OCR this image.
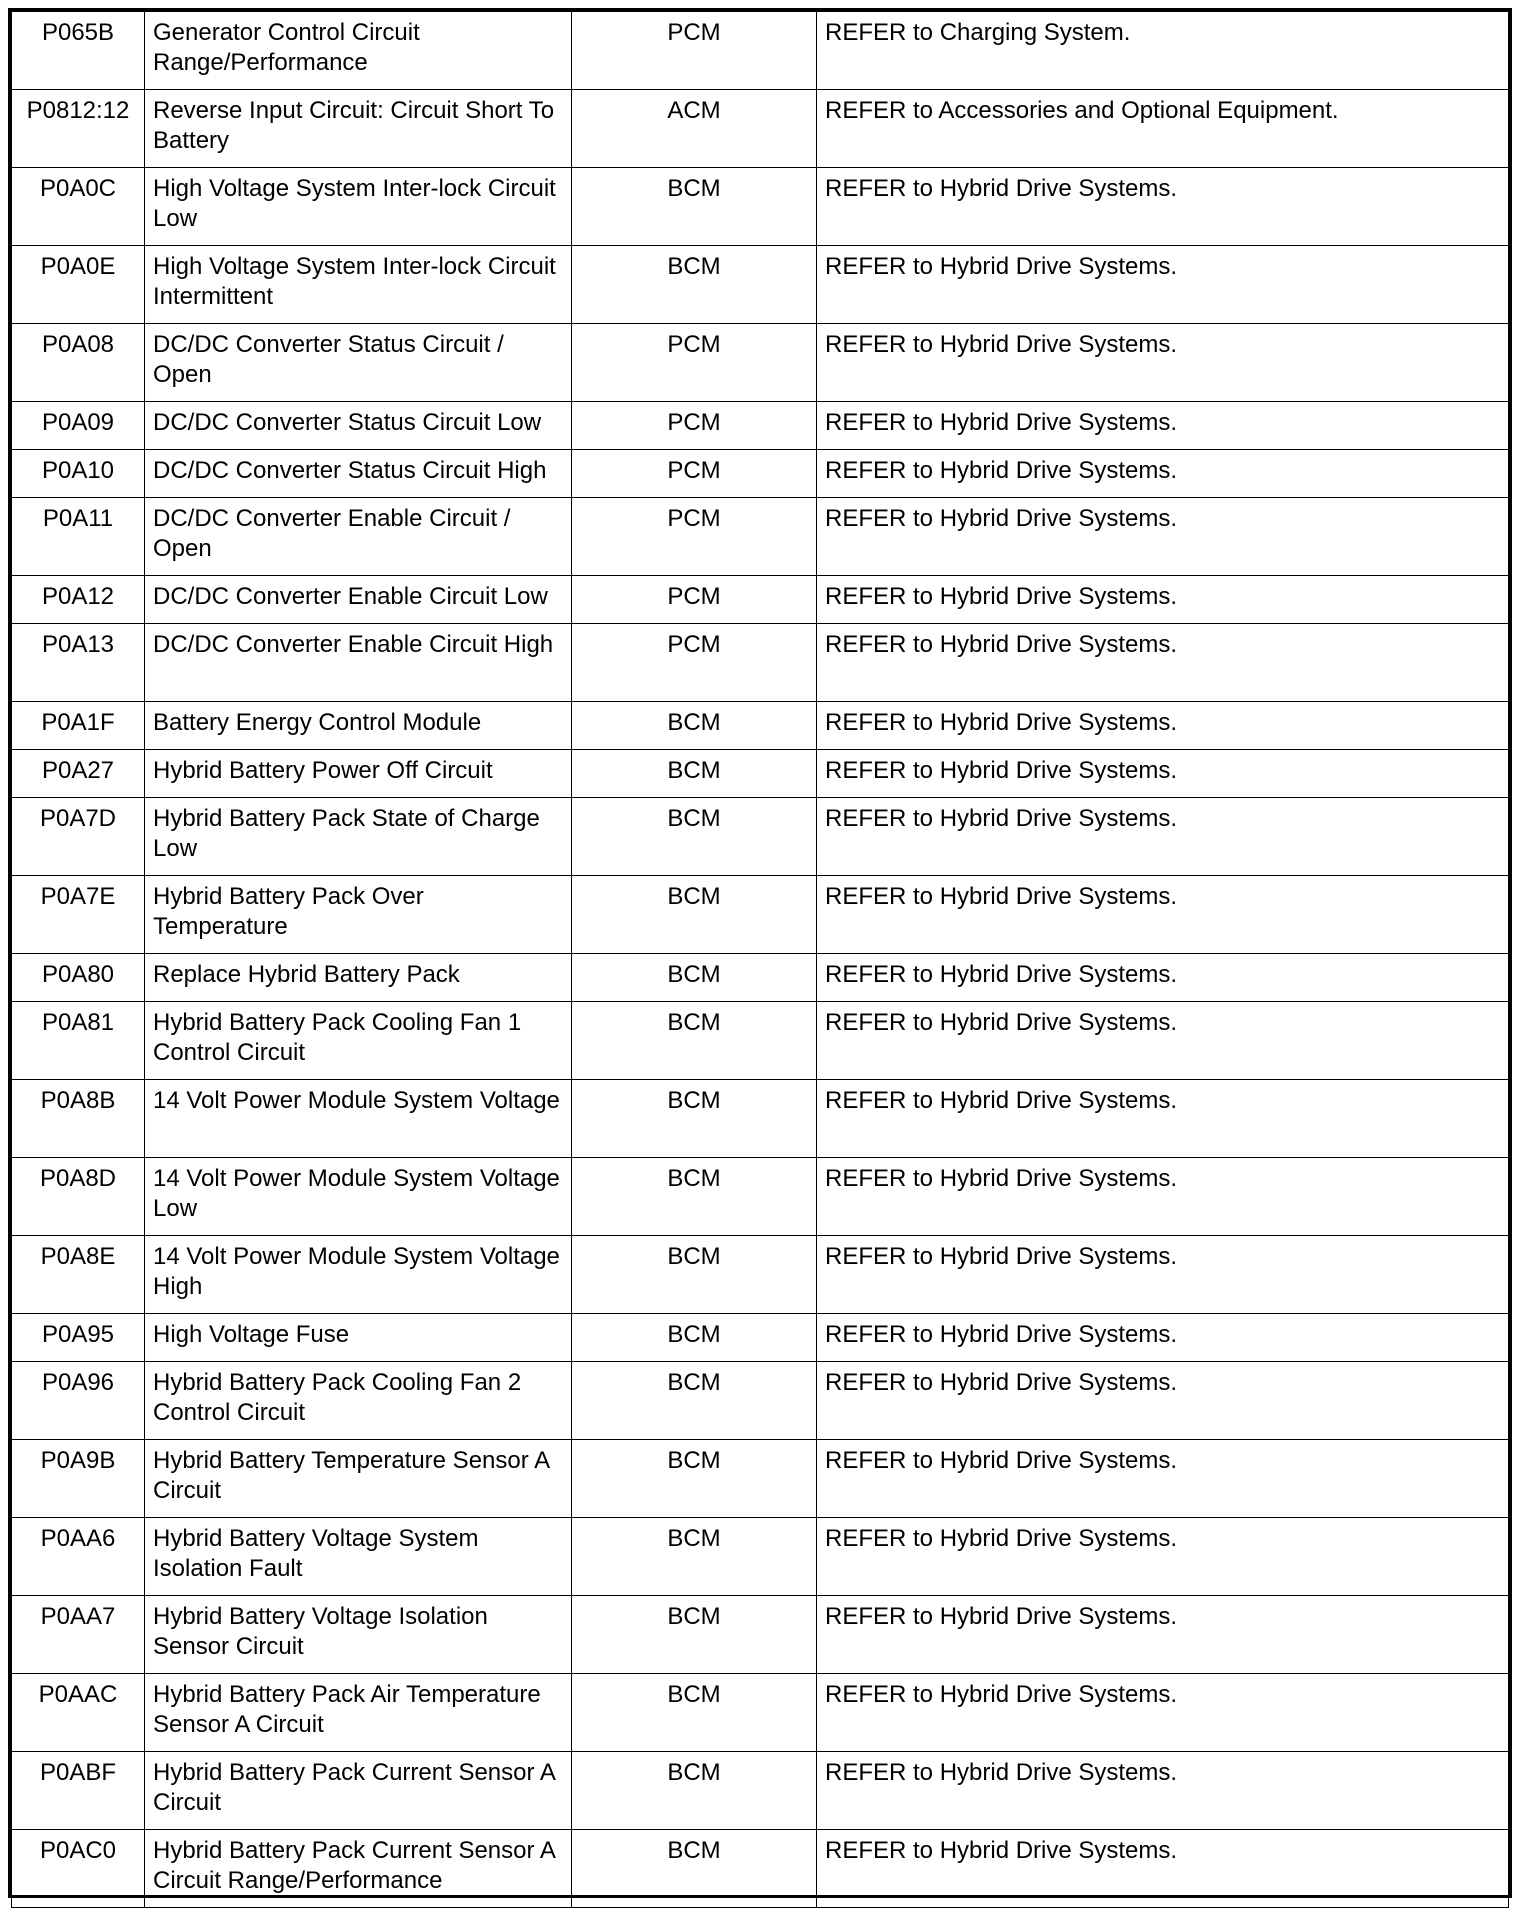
P065B	Generator Control Circuit Range/Performance	PCM	REFER to Charging System.
P0812:12	Reverse Input Circuit: Circuit Short To Battery	ACM	REFER to Accessories and Optional Equipment.
P0A0C	High Voltage System Inter-lock Circuit Low	BCM	REFER to Hybrid Drive Systems.
P0A0E	High Voltage System Inter-lock Circuit Intermittent	BCM	REFER to Hybrid Drive Systems.
P0A08	DC/DC Converter Status Circuit / Open	PCM	REFER to Hybrid Drive Systems.
P0A09	DC/DC Converter Status Circuit Low	PCM	REFER to Hybrid Drive Systems.
P0A10	DC/DC Converter Status Circuit High	PCM	REFER to Hybrid Drive Systems.
P0A11	DC/DC Converter Enable Circuit / Open	PCM	REFER to Hybrid Drive Systems.
P0A12	DC/DC Converter Enable Circuit Low	PCM	REFER to Hybrid Drive Systems.
P0A13	DC/DC Converter Enable Circuit High	PCM	REFER to Hybrid Drive Systems.
P0A1F	Battery Energy Control Module	BCM	REFER to Hybrid Drive Systems.
P0A27	Hybrid Battery Power Off Circuit	BCM	REFER to Hybrid Drive Systems.
P0A7D	Hybrid Battery Pack State of Charge Low	BCM	REFER to Hybrid Drive Systems.
P0A7E	Hybrid Battery Pack Over Temperature	BCM	REFER to Hybrid Drive Systems.
P0A80	Replace Hybrid Battery Pack	BCM	REFER to Hybrid Drive Systems.
P0A81	Hybrid Battery Pack Cooling Fan 1 Control Circuit	BCM	REFER to Hybrid Drive Systems.
P0A8B	14 Volt Power Module System Voltage	BCM	REFER to Hybrid Drive Systems.
P0A8D	14 Volt Power Module System Voltage Low	BCM	REFER to Hybrid Drive Systems.
P0A8E	14 Volt Power Module System Voltage High	BCM	REFER to Hybrid Drive Systems.
P0A95	High Voltage Fuse	BCM	REFER to Hybrid Drive Systems.
P0A96	Hybrid Battery Pack Cooling Fan 2 Control Circuit	BCM	REFER to Hybrid Drive Systems.
P0A9B	Hybrid Battery Temperature Sensor A Circuit	BCM	REFER to Hybrid Drive Systems.
P0AA6	Hybrid Battery Voltage System Isolation Fault	BCM	REFER to Hybrid Drive Systems.
P0AA7	Hybrid Battery Voltage Isolation Sensor Circuit	BCM	REFER to Hybrid Drive Systems.
P0AAC	Hybrid Battery Pack Air Temperature Sensor A Circuit	BCM	REFER to Hybrid Drive Systems.
P0ABF	Hybrid Battery Pack Current Sensor A Circuit	BCM	REFER to Hybrid Drive Systems.
P0AC0	Hybrid Battery Pack Current Sensor A Circuit Range/Performance	BCM	REFER to Hybrid Drive Systems.
